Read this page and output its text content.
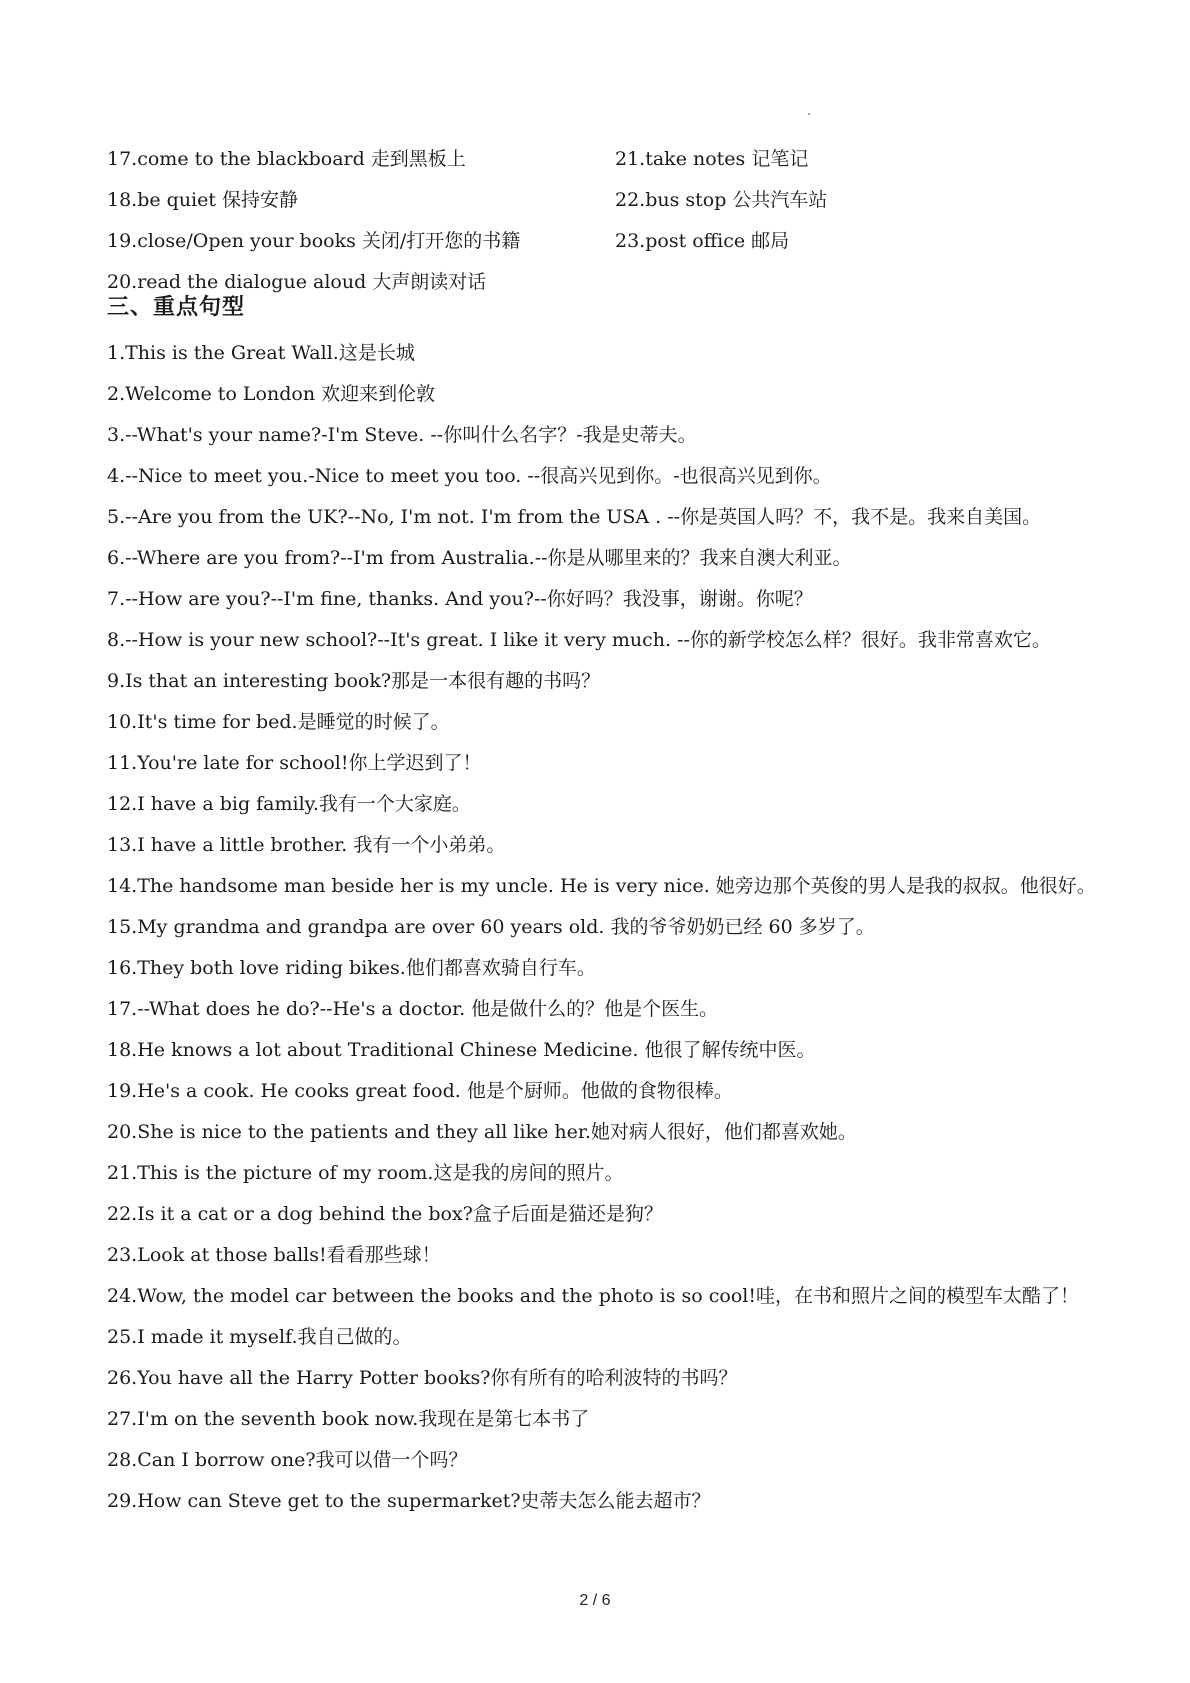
17.come to the blackboard 走到黑板上	21.take notes 记笔记
18.be quiet 保持安静	22.bus stop 公共汽车站
19.close/Open your books 关闭/打开您的书籍	23.post office 邮局
20.read the dialogue aloud 大声朗读对话
三、重点句型
1.This is the Great Wall.这是长城
2.Welcome to London 欢迎来到伦敦
3.--What's your name?-I'm Steve. --你叫什么名字？-我是史蒂夫。
4.--Nice to meet you.-Nice to meet you too. --很高兴见到你。-也很高兴见到你。
5.--Are you from the UK?--No, I'm not. I'm from the USA . --你是英国人吗？不，我不是。我来自美国。
6.--Where are you from?--I'm from Australia.--你是从哪里来的？我来自澳大利亚。
7.--How are you?--I'm fine, thanks. And you?--你好吗？我没事，谢谢。你呢？
8.--How is your new school?--It's great. I like it very much. --你的新学校怎么样？很好。我非常喜欢它。
9.Is that an interesting book?那是一本很有趣的书吗？
10.It's time for bed.是睡觉的时候了。
11.You're late for school!你上学迟到了！
12.I have a big family.我有一个大家庭。
13.I have a little brother. 我有一个小弟弟。
14.The handsome man beside her is my uncle. He is very nice. 她旁边那个英俊的男人是我的叔叔。他很好。
15.My grandma and grandpa are over 60 years old. 我的爷爷奶奶已经 60 多岁了。
16.They both love riding bikes.他们都喜欢骑自行车。
17.--What does he do?--He's a doctor. 他是做什么的？他是个医生。
18.He knows a lot about Traditional Chinese Medicine. 他很了解传统中医。
19.He's a cook. He cooks great food. 他是个厨师。他做的食物很棒。
20.She is nice to the patients and they all like her.她对病人很好，他们都喜欢她。
21.This is the picture of my room.这是我的房间的照片。
22.Is it a cat or a dog behind the box?盒子后面是猫还是狗？
23.Look at those balls!看看那些球！
24.Wow, the model car between the books and the photo is so cool!哇，在书和照片之间的模型车太酷了！
25.I made it myself.我自己做的。
26.You have all the Harry Potter books?你有所有的哈利波特的书吗？
27.I'm on the seventh book now.我现在是第七本书了
28.Can I borrow one?我可以借一个吗？
29.How can Steve get to the supermarket?史蒂夫怎么能去超市？
2 / 6
